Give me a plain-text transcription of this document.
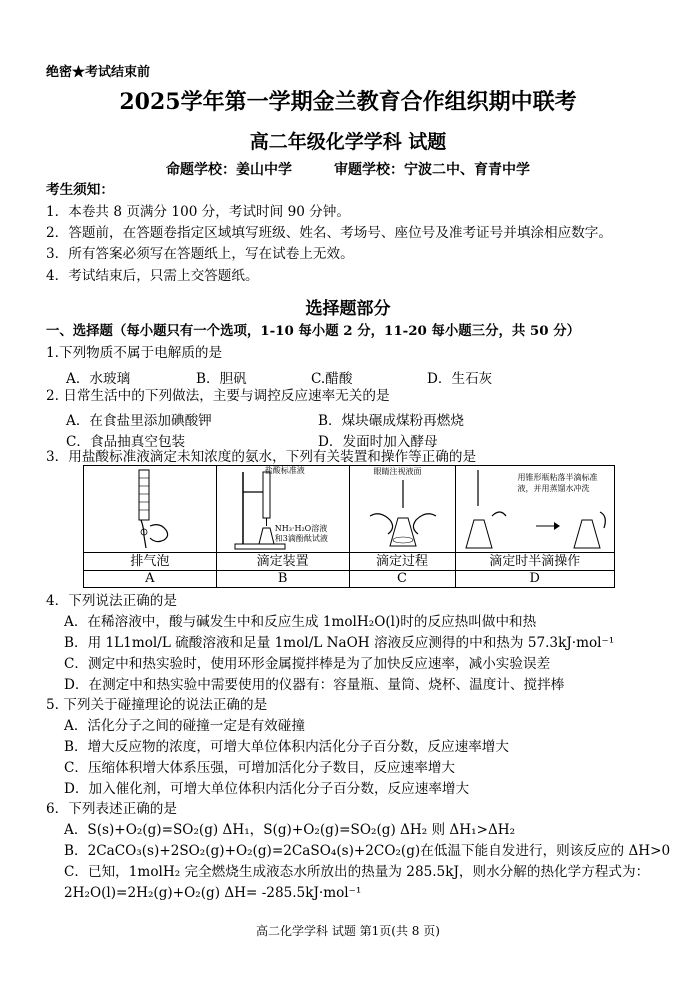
绝密★考试结束前
2025学年第一学期金兰教育合作组织期中联考
高二年级化学学科 试题
命题学校：姜山中学　　　审题学校：宁波二中、育青中学
考生须知：
1．本卷共 8 页满分 100 分，考试时间 90 分钟。
2．答题前，在答题卷指定区域填写班级、姓名、考场号、座位号及准考证号并填涂相应数字。
3．所有答案必须写在答题纸上，写在试卷上无效。
4．考试结束后，只需上交答题纸。
选择题部分
一、选择题（每小题只有一个选项，1-10 每小题 2 分，11-20 每小题三分，共 50 分）
1.下列物质不属于电解质的是
A．水玻璃	B．胆矾	C.醋酸	D．生石灰
2. 日常生活中的下列做法，主要与调控反应速率无关的是
A．在食盐里添加碘酸钾	B．煤块碾成煤粉再燃烧
C．食品抽真空包装	D．发面时加入酵母
3．用盐酸标准液滴定未知浓度的氨水，下列有关装置和操作等正确的是

盐酸标准液
NH₃·H₂O溶液
和3滴酚酞试液	眼睛注视液面	用锥形瓶粘落半滴标准
液，并用蒸馏水冲洗

排气泡	滴定装置	滴定过程	滴定时半滴操作
A	B	C	D
4．下列说法正确的是
A．在稀溶液中，酸与碱发生中和反应生成 1molH₂O(l)时的反应热叫做中和热
B．用 1L1mol/L 硫酸溶液和足量 1mol/L NaOH 溶液反应测得的中和热为 57.3kJ·mol⁻¹
C．测定中和热实验时，使用环形金属搅拌棒是为了加快反应速率，减小实验误差
D．在测定中和热实验中需要使用的仪器有：容量瓶、量筒、烧杯、温度计、搅拌棒
5. 下列关于碰撞理论的说法正确的是
A．活化分子之间的碰撞一定是有效碰撞
B．增大反应物的浓度，可增大单位体积内活化分子百分数，反应速率增大
C．压缩体积增大体系压强，可增加活化分子数目，反应速率增大
D．加入催化剂，可增大单位体积内活化分子百分数，反应速率增大
6．下列表述正确的是
A．S(s)+O₂(g)=SO₂(g) ΔH₁，S(g)+O₂(g)=SO₂(g) ΔH₂ 则 ΔH₁>ΔH₂
B．2CaCO₃(s)+2SO₂(g)+O₂(g)=2CaSO₄(s)+2CO₂(g)在低温下能自发进行，则该反应的 ΔH>0
C．已知，1molH₂ 完全燃烧生成液态水所放出的热量为 285.5kJ，则水分解的热化学方程式为：
2H₂O(l)=2H₂(g)+O₂(g) ΔH= -285.5kJ·mol⁻¹
高二化学学科 试题 第1页(共 8 页)
